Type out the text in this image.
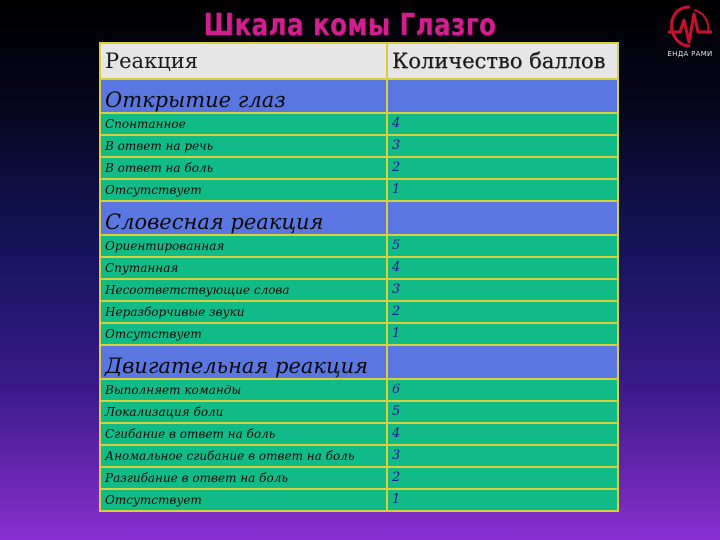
Шкала комы Глазго
ЕНДА РАМИ
Реакция	Количество баллов
Открытие глаз	
Спонтанное	4
В ответ на речь	3
В ответ на боль	2
Отсутствует	1
Словесная реакция	
Ориентированная	5
Спутанная	4
Несоответствующие слова	3
Неразборчивые звуки	2
Отсутствует	1
Двигательная реакция	
Выполняет команды	6
Локализация боли	5
Сгибание в ответ на боль	4
Аномальное сгибание в ответ на боль	3
Разгибание в ответ на боль	2
Отсутствует	1
